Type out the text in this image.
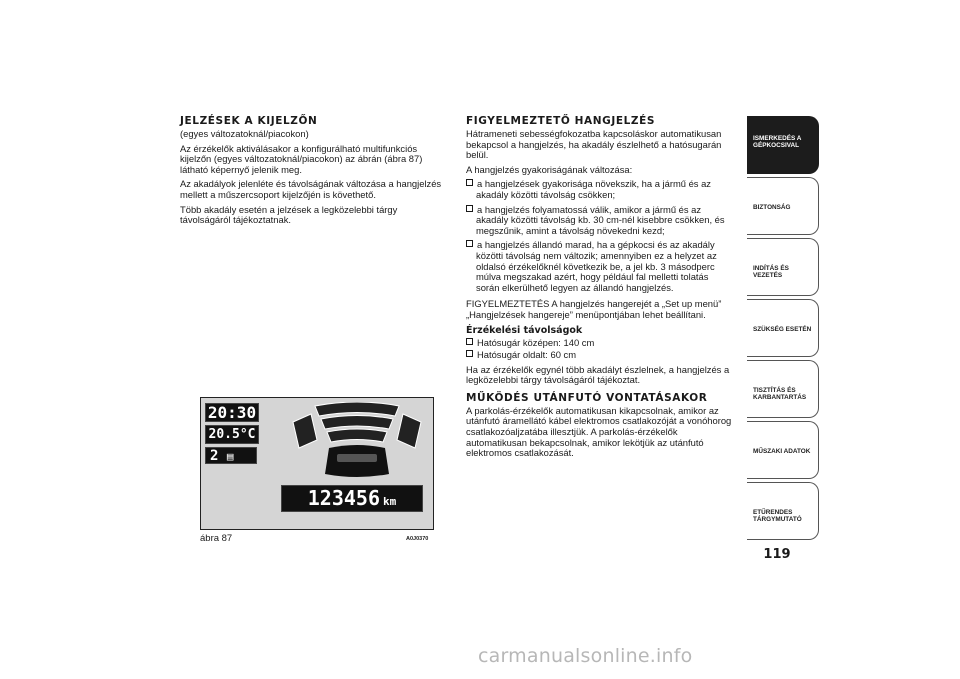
JELZÉSEK A KIJELZŐN

(egyes változatoknál/piacokon)

Az érzékelők aktiválásakor a konfigurálható multifunkciós kijelzőn (egyes változatoknál/piacokon) az ábrán (ábra 87) látható képernyő jelenik meg.

Az akadályok jelenléte és távolságának változása a hangjelzés mellett a műszercsoport kijelzőjén is követhető.

Több akadály esetén a jelzések a legközelebbi tárgy távolságáról tájékoztatnak.

20:30
20.5°C
2 ▤
123456 km
ábra 87	A0J0370
FIGYELMEZTETŐ HANGJELZÉS

Hátrameneti sebességfokozatba kapcsoláskor automatikusan bekapcsol a hangjelzés, ha akadály észlelhető a hatósugarán belül.

A hangjelzés gyakoriságának változása:

a hangjelzések gyakorisága növekszik, ha a jármű és az akadály közötti távolság csökken;

a hangjelzés folyamatossá válik, amikor a jármű és az akadály közötti távolság kb. 30 cm-nél kisebbre csökken, és megszűnik, amint a távolság növekedni kezd;

a hangjelzés állandó marad, ha a gépkocsi és az akadály közötti távolság nem változik; amennyiben ez a helyzet az oldalsó érzékelőknél következik be, a jel kb. 3 másodperc múlva megszakad azért, hogy például fal melletti tolatás során elkerülhető legyen az állandó hangjelzés.

FIGYELMEZTETÉS A hangjelzés hangerejét a „Set up menü” „Hangjelzések hangereje” menüpontjában lehet beállítani.

Érzékelési távolságok

Hatósugár középen: 140 cm

Hatósugár oldalt: 60 cm

Ha az érzékelők egynél több akadályt észlelnek, a hangjelzés a legközelebbi tárgy távolságáról tájékoztat.

MŰKÖDÉS UTÁNFUTÓ VONTATÁSAKOR

A parkolás-érzékelők automatikusan kikapcsolnak, amikor az utánfutó áramellátó kábel elektromos csatlakozóját a vonóhorog csatlakozóaljzatába illesztjük. A parkolás-érzékelők automatikusan bekapcsolnak, amikor lekötjük az utánfutó elektromos csatlakozását.

ISMERKEDÉS A GÉPKOCSIVAL
BIZTONSÁG
INDÍTÁS ÉS VEZETÉS
SZÜKSÉG ESETÉN
TISZTÍTÁS ÉS KARBANTARTÁS
MŰSZAKI ADATOK
ETŰRENDES TÁRGYMUTATÓ
119
carmanualsonline.info
